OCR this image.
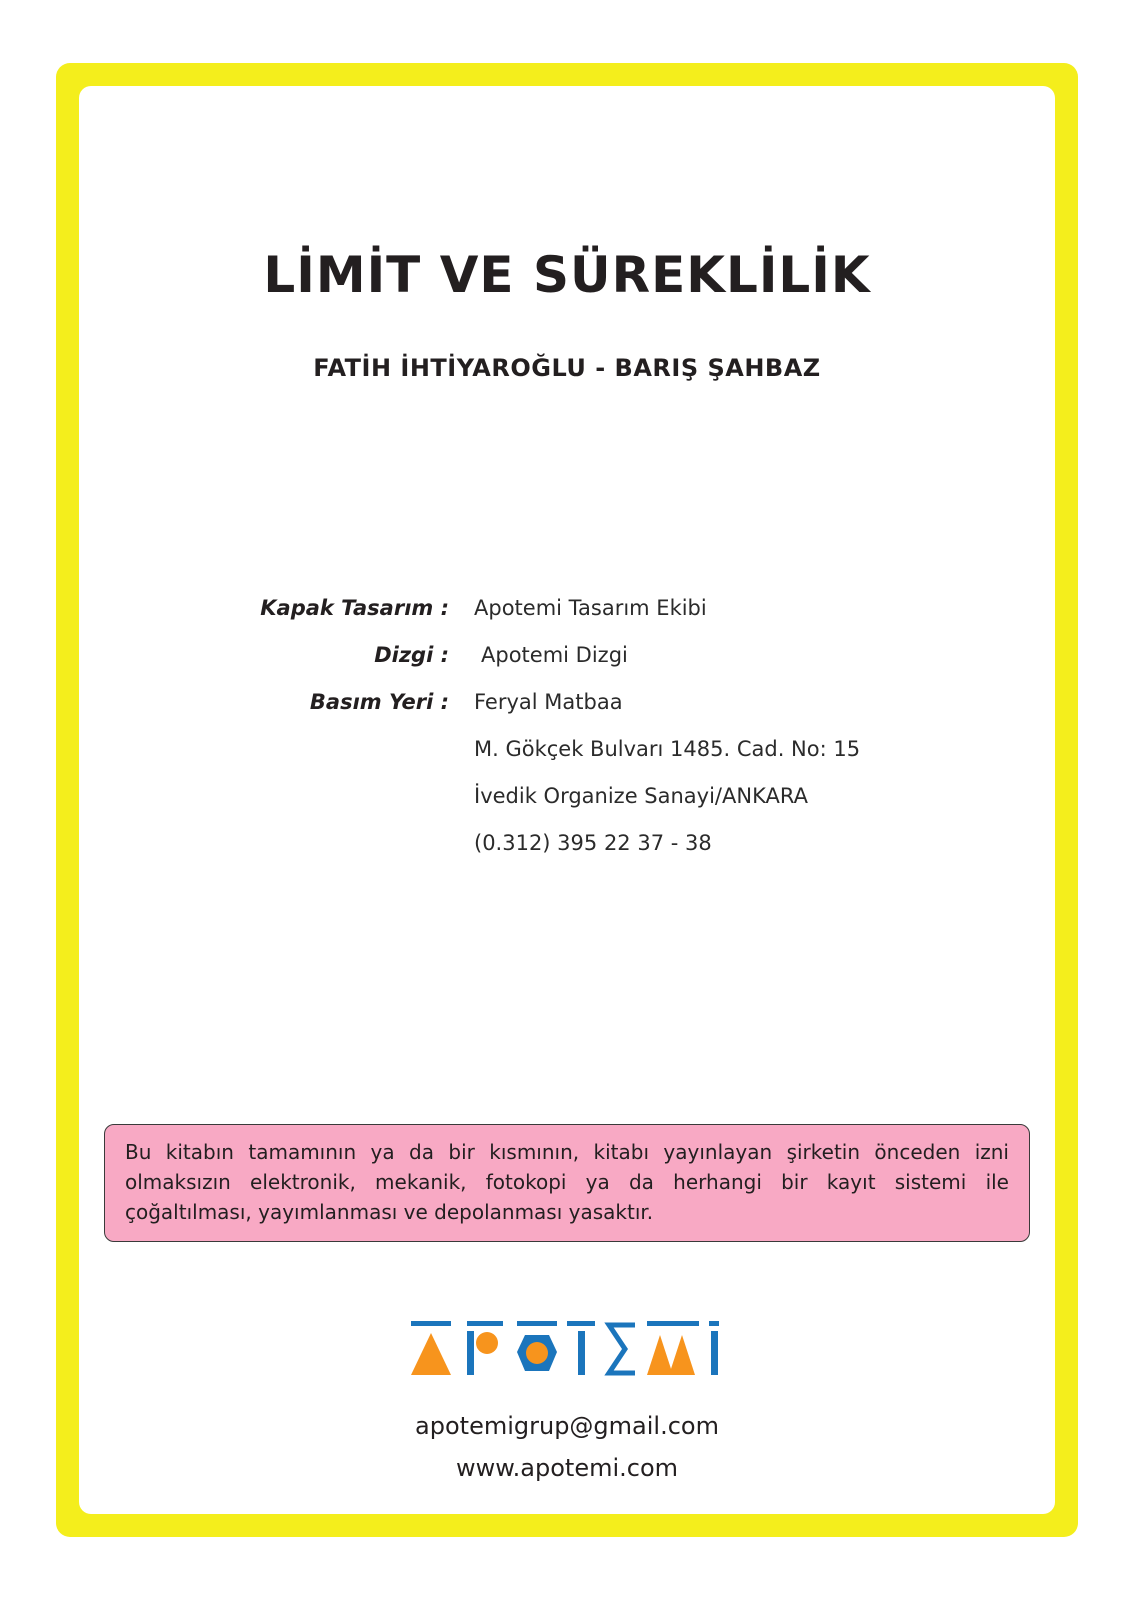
LİMİT VE SÜREKLİLİK
FATİH İHTİYAROĞLU - BARIŞ ŞAHBAZ
Kapak Tasarım : Apotemi Tasarım Ekibi
Dizgi : Apotemi Dizgi
Basım Yeri : Feryal Matbaa
M. Gökçek Bulvarı 1485. Cad. No: 15
İvedik Organize Sanayi/ANKARA
(0.312) 395 22 37 - 38
Bu kitabın tamamının ya da bir kısmının, kitabı yayınlayan şirketin önceden izni olmaksızın elektronik, mekanik, fotokopi ya da herhangi bir kayıt sistemi ile çoğaltılması, yayımlanması ve depolanması yasaktır.
apotemigrup@gmail.com
www.apotemi.com
